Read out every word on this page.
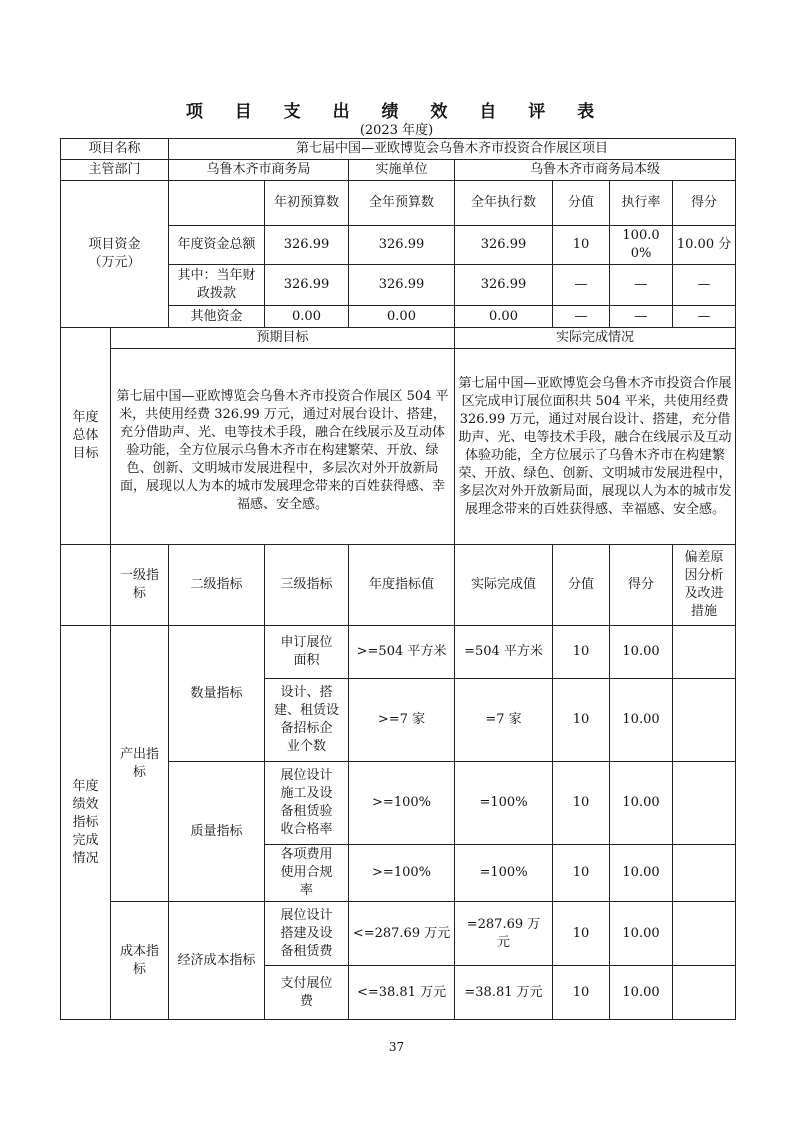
项 目 支 出 绩 效 自 评 表
(2023 年度)
项目名称		第七届中国—亚欧博览会乌鲁木齐市投资合作展区项目						
主管部门		乌鲁木齐市商务局		实施单位	乌鲁木齐市商务局本级			
项目资金
（万元）			年初预算数	全年预算数	全年执行数	分值	执行率	得分
		年度资金总额	326.99	326.99	326.99	10	100.00%	10.00 分
		其中：当年财政拨款	326.99	326.99	326.99	—	—	—
		其他资金	0.00	0.00	0.00	—	—	—
年度
总体
目标	预期目标				实际完成情况			
	第七届中国—亚欧博览会乌鲁木齐市投资合作展区 504 平米，共使用经费 326.99 万元，通过对展台设计、搭建，充分借助声、光、电等技术手段，融合在线展示及互动体验功能，全方位展示乌鲁木齐市在构建繁荣、开放、绿色、创新、文明城市发展进程中，多层次对外开放新局面，展现以人为本的城市发展理念带来的百姓获得感、幸福感、安全感。				第七届中国—亚欧博览会乌鲁木齐市投资合作展区完成申订展位面积共 504 平米，共使用经费 326.99 万元，通过对展台设计、搭建，充分借助声、光、电等技术手段，融合在线展示及互动体验功能，全方位展示了乌鲁木齐市在构建繁荣、开放、绿色、创新、文明城市发展进程中，多层次对外开放新局面，展现以人为本的城市发展理念带来的百姓获得感、幸福感、安全感。			
	一级指
标	二级指标	三级指标	年度指标值	实际完成值	分值	得分	偏差原
因分析
及改进
措施
年度
绩效
指标
完成
情况	产出指
标	数量指标	申订展位
面积	>=504 平方米	=504 平方米	10	10.00	
			设计、搭
建、租赁设
备招标企
业个数	>=7 家	=7 家	10	10.00	
		质量指标	展位设计
施工及设
备租赁验
收合格率	>=100%	=100%	10	10.00	
			各项费用
使用合规
率	>=100%	=100%	10	10.00	
	成本指
标	经济成本指标	展位设计
搭建及设
备租赁费	<=287.69 万元	=287.69 万
元	10	10.00	
			支付展位
费	<=38.81 万元	=38.81 万元	10	10.00	
37
